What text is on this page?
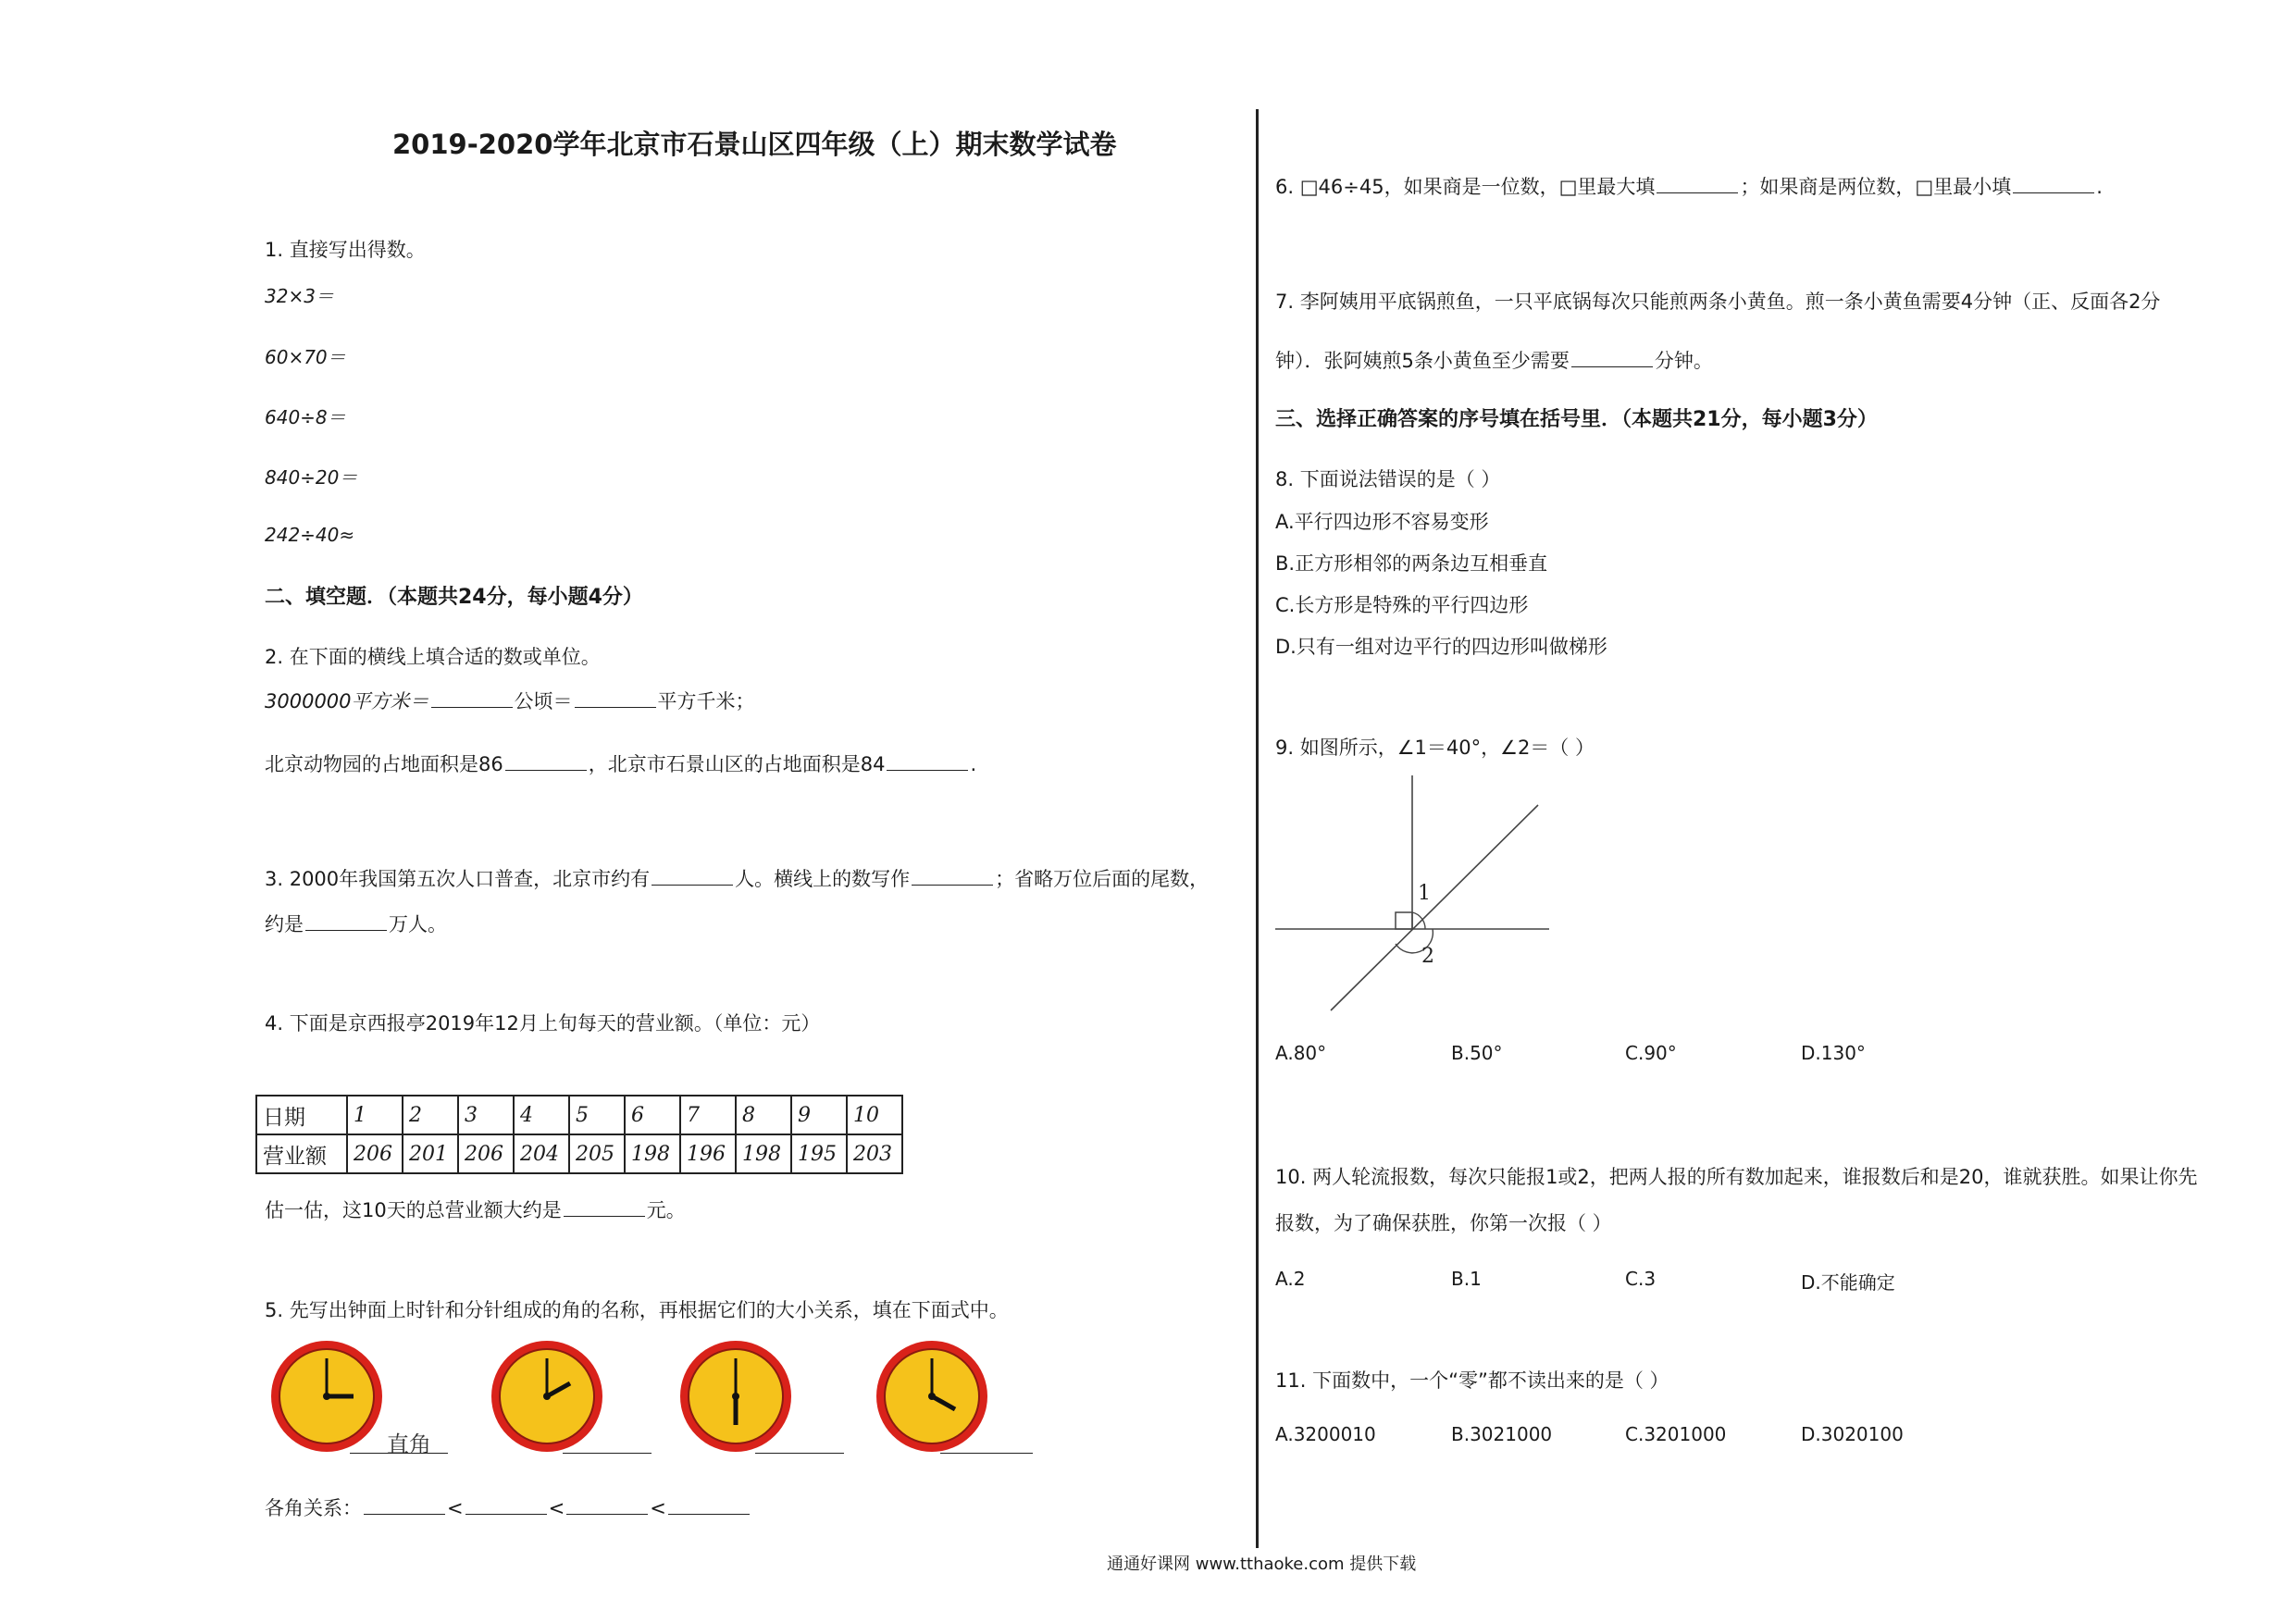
2019-2020学年北京市石景山区四年级（上）期末数学试卷
1. 直接写出得数。
32×3＝
60×70＝
640÷8＝
840÷20＝
242÷40≈
二、填空题．（本题共24分，每小题4分）
2. 在下面的横线上填合适的数或单位。
3000000平方米＝	公顷＝	平方千米；
北京动物园的占地面积是86	，北京市石景山区的占地面积是84	.
3. 2000年我国第五次人口普查，北京市约有	人。横线上的数写作	；省略万位后面的尾数，
约是	万人。
4. 下面是京西报亭2019年12月上旬每天的营业额。（单位：元）
日期	1	2	3	4	5	6	7	8	9	10
营业额	206	201	206	204	205	198	196	198	195	203
估一估，这10天的总营业额大约是	元。
5. 先写出钟面上时针和分针组成的角的名称，再根据它们的大小关系，填在下面式中。
直角
各角关系：	<	<	<
6. □46÷45，如果商是一位数，□里最大填	；如果商是两位数，□里最小填	.
7. 李阿姨用平底锅煎鱼，一只平底锅每次只能煎两条小黄鱼。煎一条小黄鱼需要4分钟（正、反面各2分
钟）．张阿姨煎5条小黄鱼至少需要	分钟。
三、选择正确答案的序号填在括号里．（本题共21分，每小题3分）
8. 下面说法错误的是（ ）
A.平行四边形不容易变形
B.正方形相邻的两条边互相垂直
C.长方形是特殊的平行四边形
D.只有一组对边平行的四边形叫做梯形
9. 如图所示，∠1＝40°，∠2＝（ ）
1
2
A.80°	B.50°	C.90°	D.130°
10. 两人轮流报数，每次只能报1或2，把两人报的所有数加起来，谁报数后和是20，谁就获胜。如果让你先
报数，为了确保获胜，你第一次报（ ）
A.2	B.1	C.3	D.不能确定
11. 下面数中，一个“零”都不读出来的是（ ）
A.3200010	B.3021000	C.3201000	D.3020100
通通好课网 www.tthaoke.com 提供下载
